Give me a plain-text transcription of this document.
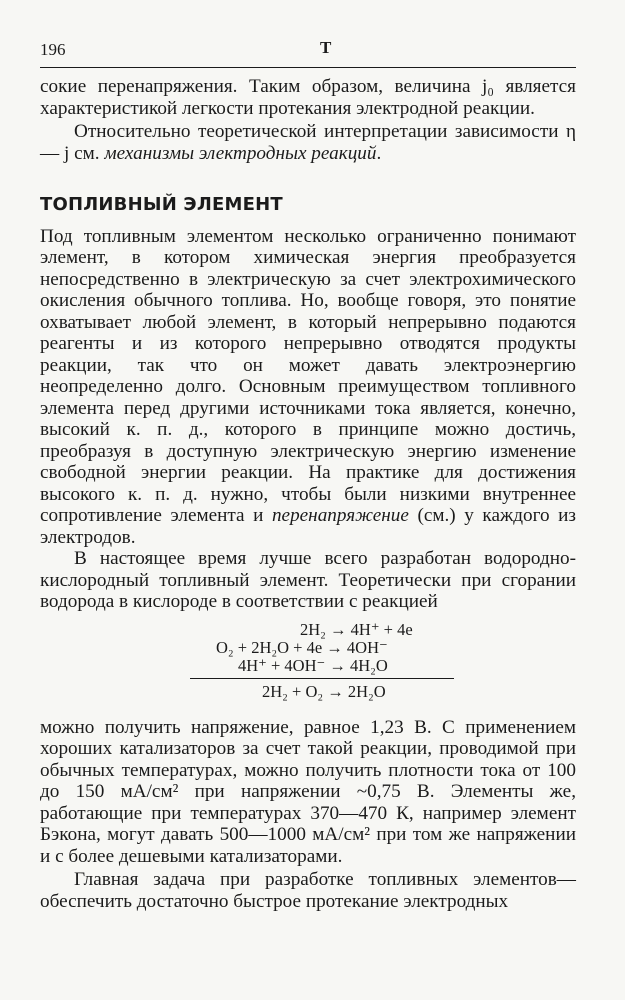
196	Т

сокие перенапряжения. Таким образом, величина j₀ является характеристикой легкости протекания электродной реакции.

Относительно теоретической интерпретации зависимости η — j см. механизмы электродных реакций.

ТОПЛИВНЫЙ ЭЛЕМЕНТ

Под топливным элементом несколько ограниченно понимают элемент, в котором химическая энергия преобразуется непосредственно в электрическую за счет электрохимического окисления обычного топлива. Но, вообще говоря, это понятие охватывает любой элемент, в который непрерывно подаются реагенты и из которого непрерывно отводятся продукты реакции, так что он может давать электроэнергию неопределенно долго. Основным преимуществом топливного элемента перед другими источниками тока является, конечно, высокий к. п. д., которого в принципе можно достичь, преобразуя в доступную электрическую энергию изменение свободной энергии реакции. На практике для достижения высокого к. п. д. нужно, чтобы были низкими внутреннее сопротивление элемента и перенапряжение (см.) у каждого из электродов.

В настоящее время лучше всего разработан водородно-кислородный топливный элемент. Теоретически при сгорании водорода в кислороде в соответствии с реакцией

2H₂ → 4H⁺ + 4e
O₂ + 2H₂O + 4e → 4OH⁻
4H⁺ + 4OH⁻ → 4H₂O
2H₂ + O₂ → 2H₂O

можно получить напряжение, равное 1,23 В. С применением хороших катализаторов за счет такой реакции, проводимой при обычных температурах, можно получить плотности тока от 100 до 150 мА/см² при напряжении ~0,75 В. Элементы же, работающие при температурах 370—470 К, например элемент Бэкона, могут давать 500—1000 мА/см² при том же напряжении и с более дешевыми катализаторами.

Главная задача при разработке топливных элементов—обеспечить достаточно быстрое протекание электродных
